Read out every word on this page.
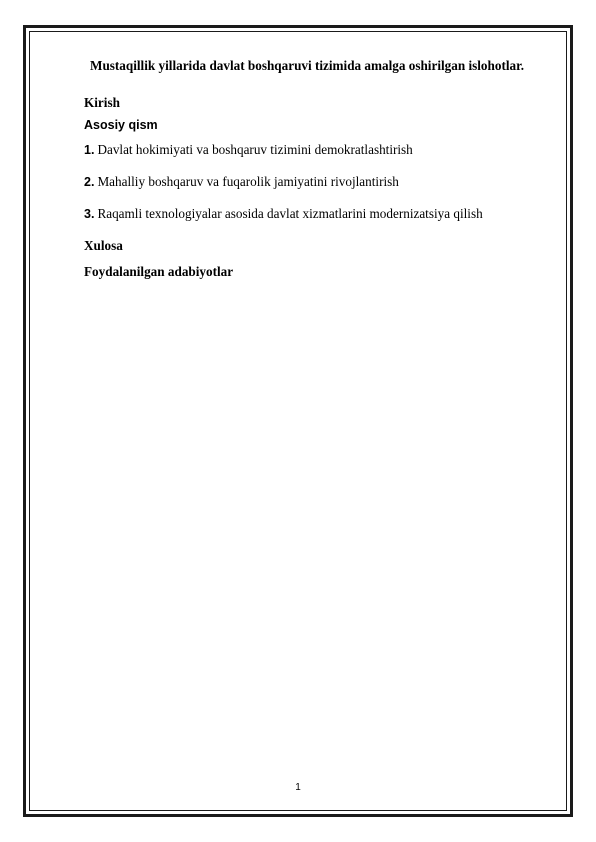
Mustaqillik yillarida davlat boshqaruvi tizimida amalga oshirilgan islohotlar.
Kirish
Asosiy qism
1. Davlat hokimiyati va boshqaruv tizimini demokratlashtirish
2. Mahalliy boshqaruv va fuqarolik jamiyatini rivojlantirish
3. Raqamli texnologiyalar asosida davlat xizmatlarini modernizatsiya qilish
Xulosa
Foydalanilgan adabiyotlar
1
